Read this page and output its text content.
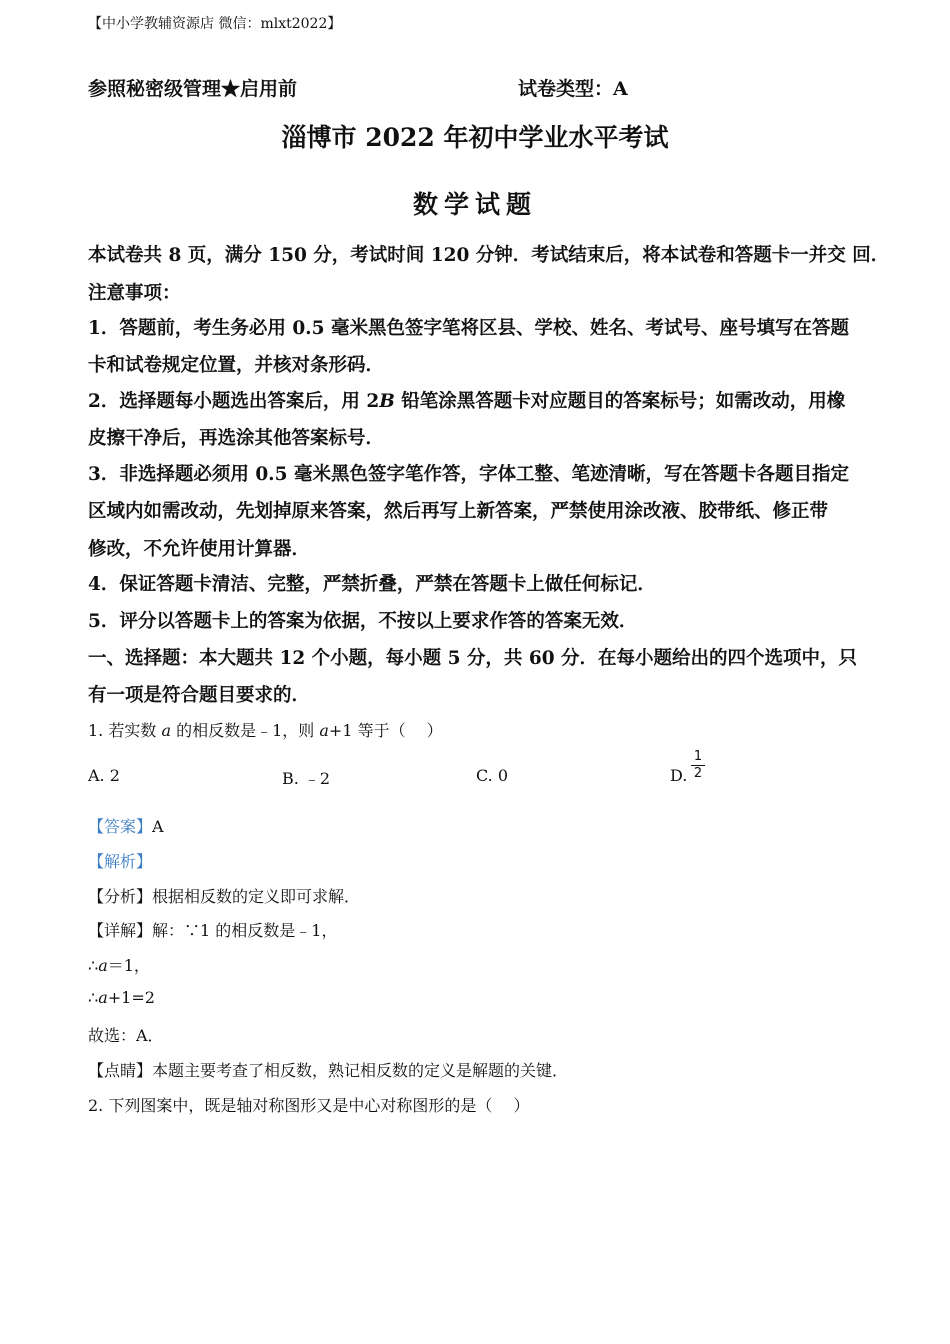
【中小学教辅资源店 微信：mlxt2022】
参照秘密级管理★启用前	试卷类型：A
淄博市 2022 年初中学业水平考试
数学试题
本试卷共 8 页，满分 150 分，考试时间 120 分钟．考试结束后，将本试卷和答题卡一并交 回．
注意事项：
1．答题前，考生务必用 0.5 毫米黑色签字笔将区县、学校、姓名、考试号、座号填写在答题
卡和试卷规定位置，并核对条形码．
2．选择题每小题选出答案后，用 2B 铅笔涂黑答题卡对应题目的答案标号；如需改动，用橡
皮擦干净后，再选涂其他答案标号．
3．非选择题必须用 0.5 毫米黑色签字笔作答，字体工整、笔迹清晰，写在答题卡各题目指定
区域内如需改动，先划掉原来答案，然后再写上新答案，严禁使用涂改液、胶带纸、修正带
修改，不允许使用计算器．
4．保证答题卡清洁、完整，严禁折叠，严禁在答题卡上做任何标记．
5．评分以答题卡上的答案为依据，不按以上要求作答的答案无效．
一、选择题：本大题共 12 个小题，每小题 5 分，共 60 分．在每小题给出的四个选项中，只
有一项是符合题目要求的．
1. 若实数 a 的相反数是﹣1，则 a+1 等于（　 ）
A. 2	B. ﹣2	C. 0	D.
1
2
【答案】A
【解析】
【分析】根据相反数的定义即可求解．
【详解】解：∵1 的相反数是﹣1，
∴a＝1，
∴a+1=2
故选：A．
【点睛】本题主要考查了相反数，熟记相反数的定义是解题的关键．
2. 下列图案中，既是轴对称图形又是中心对称图形的是（　 ）
